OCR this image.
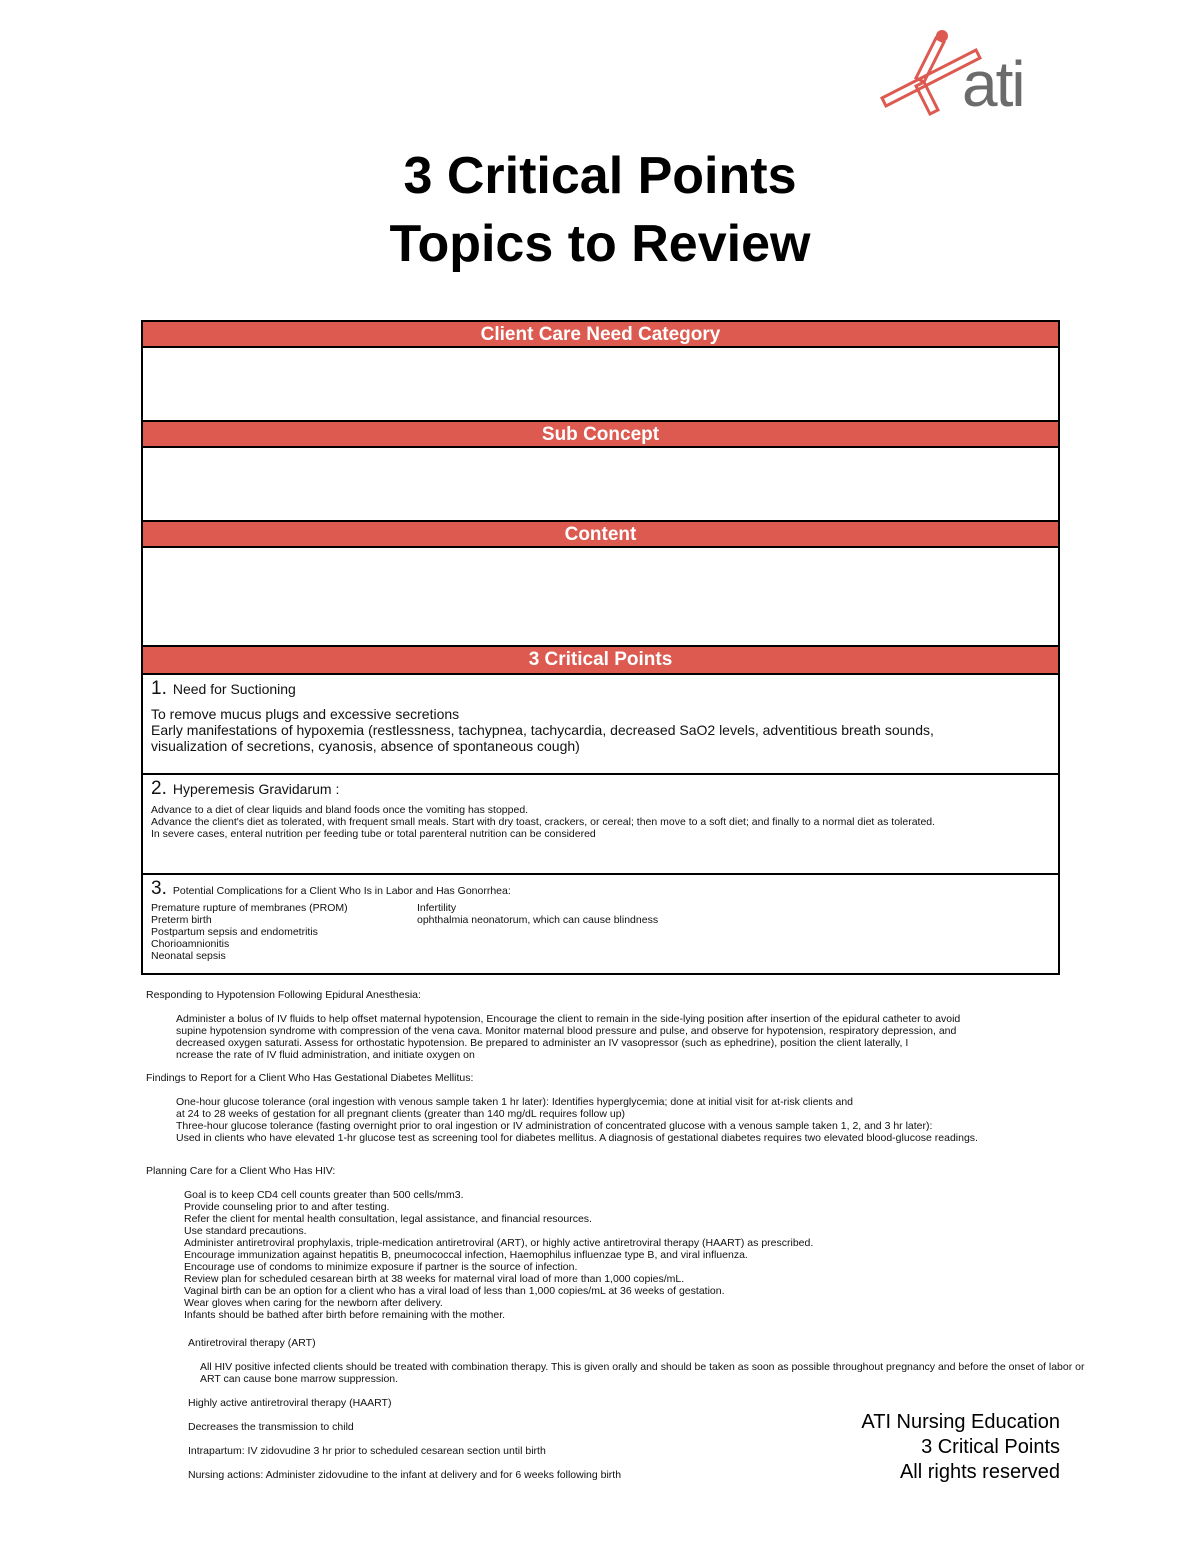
ati
3 Critical Points
Topics to Review
Client Care Need Category
Sub Concept
Content
3 Critical Points
1. Need for Suctioning
To remove mucus plugs and excessive secretions
Early manifestations of hypoxemia (restlessness, tachypnea, tachycardia, decreased SaO2 levels, adventitious breath sounds,
visualization of secretions, cyanosis, absence of spontaneous cough)
2. Hyperemesis Gravidarum :
Advance to a diet of clear liquids and bland foods once the vomiting has stopped.
Advance the client's diet as tolerated, with frequent small meals. Start with dry toast, crackers, or cereal; then move to a soft diet; and finally to a normal diet as tolerated.
In severe cases, enteral nutrition per feeding tube or total parenteral nutrition can be considered
3. Potential Complications for a Client Who Is in Labor and Has Gonorrhea:
Premature rupture of membranes (PROM)
Preterm birth
Postpartum sepsis and endometritis
Chorioamnionitis
Neonatal sepsis
Infertility
ophthalmia neonatorum, which can cause blindness
Responding to Hypotension Following Epidural Anesthesia:
Administer a bolus of IV fluids to help offset maternal hypotension, Encourage the client to remain in the side-lying position after insertion of the epidural catheter to avoid
supine hypotension syndrome with compression of the vena cava. Monitor maternal blood pressure and pulse, and observe for hypotension, respiratory depression, and
decreased oxygen saturati. Assess for orthostatic hypotension. Be prepared to administer an IV vasopressor (such as ephedrine), position the client laterally, I
ncrease the rate of IV fluid administration, and initiate oxygen on
Findings to Report for a Client Who Has Gestational Diabetes Mellitus:
One-hour glucose tolerance (oral ingestion with venous sample taken 1 hr later): Identifies hyperglycemia; done at initial visit for at-risk clients and
at 24 to 28 weeks of gestation for all pregnant clients (greater than 140 mg/dL requires follow up)
Three-hour glucose tolerance (fasting overnight prior to oral ingestion or IV administration of concentrated glucose with a venous sample taken 1, 2, and 3 hr later):
Used in clients who have elevated 1-hr glucose test as screening tool for diabetes mellitus. A diagnosis of gestational diabetes requires two elevated blood-glucose readings.
Planning Care for a Client Who Has HIV:
Goal is to keep CD4 cell counts greater than 500 cells/mm3.
Provide counseling prior to and after testing.
Refer the client for mental health consultation, legal assistance, and financial resources.
Use standard precautions.
Administer antiretroviral prophylaxis, triple-medication antiretroviral (ART), or highly active antiretroviral therapy (HAART) as prescribed.
Encourage immunization against hepatitis B, pneumococcal infection, Haemophilus influenzae type B, and viral influenza.
Encourage use of condoms to minimize exposure if partner is the source of infection.
Review plan for scheduled cesarean birth at 38 weeks for maternal viral load of more than 1,000 copies/mL.
Vaginal birth can be an option for a client who has a viral load of less than 1,000 copies/mL at 36 weeks of gestation.
Wear gloves when caring for the newborn after delivery.
Infants should be bathed after birth before remaining with the mother.
Antiretroviral therapy (ART)
All HIV positive infected clients should be treated with combination therapy. This is given orally and should be taken as soon as possible throughout pregnancy and before the onset of labor or
ART can cause bone marrow suppression.
Highly active antiretroviral therapy (HAART)
Decreases the transmission to child
Intrapartum: IV zidovudine 3 hr prior to scheduled cesarean section until birth
Nursing actions: Administer zidovudine to the infant at delivery and for 6 weeks following birth
ATI Nursing Education
3 Critical Points
All rights reserved
